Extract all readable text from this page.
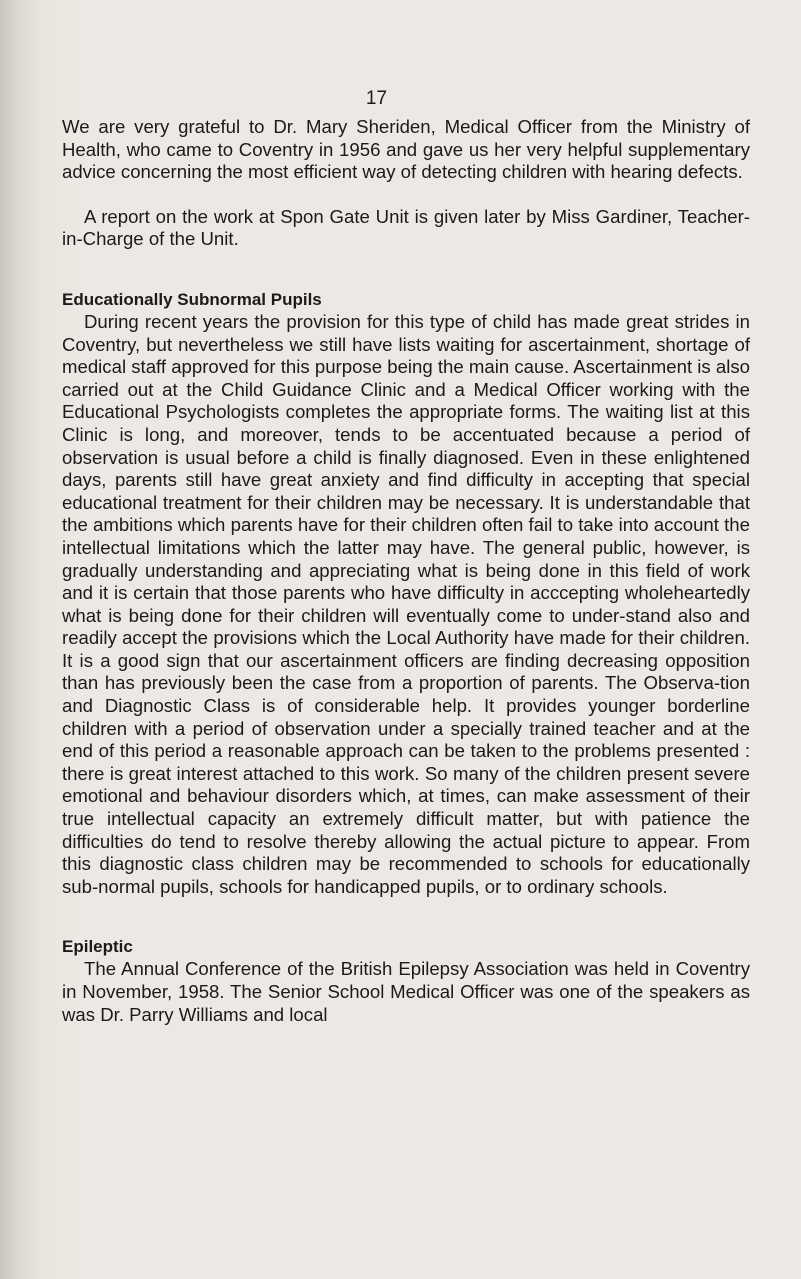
17

We are very grateful to Dr. Mary Sheriden, Medical Officer from the Ministry of Health, who came to Coventry in 1956 and gave us her very helpful supplementary advice concerning the most efficient way of detecting children with hearing defects.

A report on the work at Spon Gate Unit is given later by Miss Gardiner, Teacher-in-Charge of the Unit.

Educationally Subnormal Pupils

During recent years the provision for this type of child has made great strides in Coventry, but nevertheless we still have lists waiting for ascertainment, shortage of medical staff approved for this purpose being the main cause. Ascertainment is also carried out at the Child Guidance Clinic and a Medical Officer working with the Educational Psychologists completes the appropriate forms. The waiting list at this Clinic is long, and moreover, tends to be accentuated because a period of observation is usual before a child is finally diagnosed. Even in these enlightened days, parents still have great anxiety and find difficulty in accepting that special educational treatment for their children may be necessary. It is understandable that the ambitions which parents have for their children often fail to take into account the intellectual limitations which the latter may have. The general public, however, is gradually understanding and appreciating what is being done in this field of work and it is certain that those parents who have difficulty in acccepting wholeheartedly what is being done for their children will eventually come to under-stand also and readily accept the provisions which the Local Authority have made for their children. It is a good sign that our ascertainment officers are finding decreasing opposition than has previously been the case from a proportion of parents. The Observa-tion and Diagnostic Class is of considerable help. It provides younger borderline children with a period of observation under a specially trained teacher and at the end of this period a reasonable approach can be taken to the problems presented : there is great interest attached to this work. So many of the children present severe emotional and behaviour disorders which, at times, can make assessment of their true intellectual capacity an extremely difficult matter, but with patience the difficulties do tend to resolve thereby allowing the actual picture to appear. From this diagnostic class children may be recommended to schools for educationally sub-normal pupils, schools for handicapped pupils, or to ordinary schools.

Epileptic

The Annual Conference of the British Epilepsy Association was held in Coventry in November, 1958. The Senior School Medical Officer was one of the speakers as was Dr. Parry Williams and local
